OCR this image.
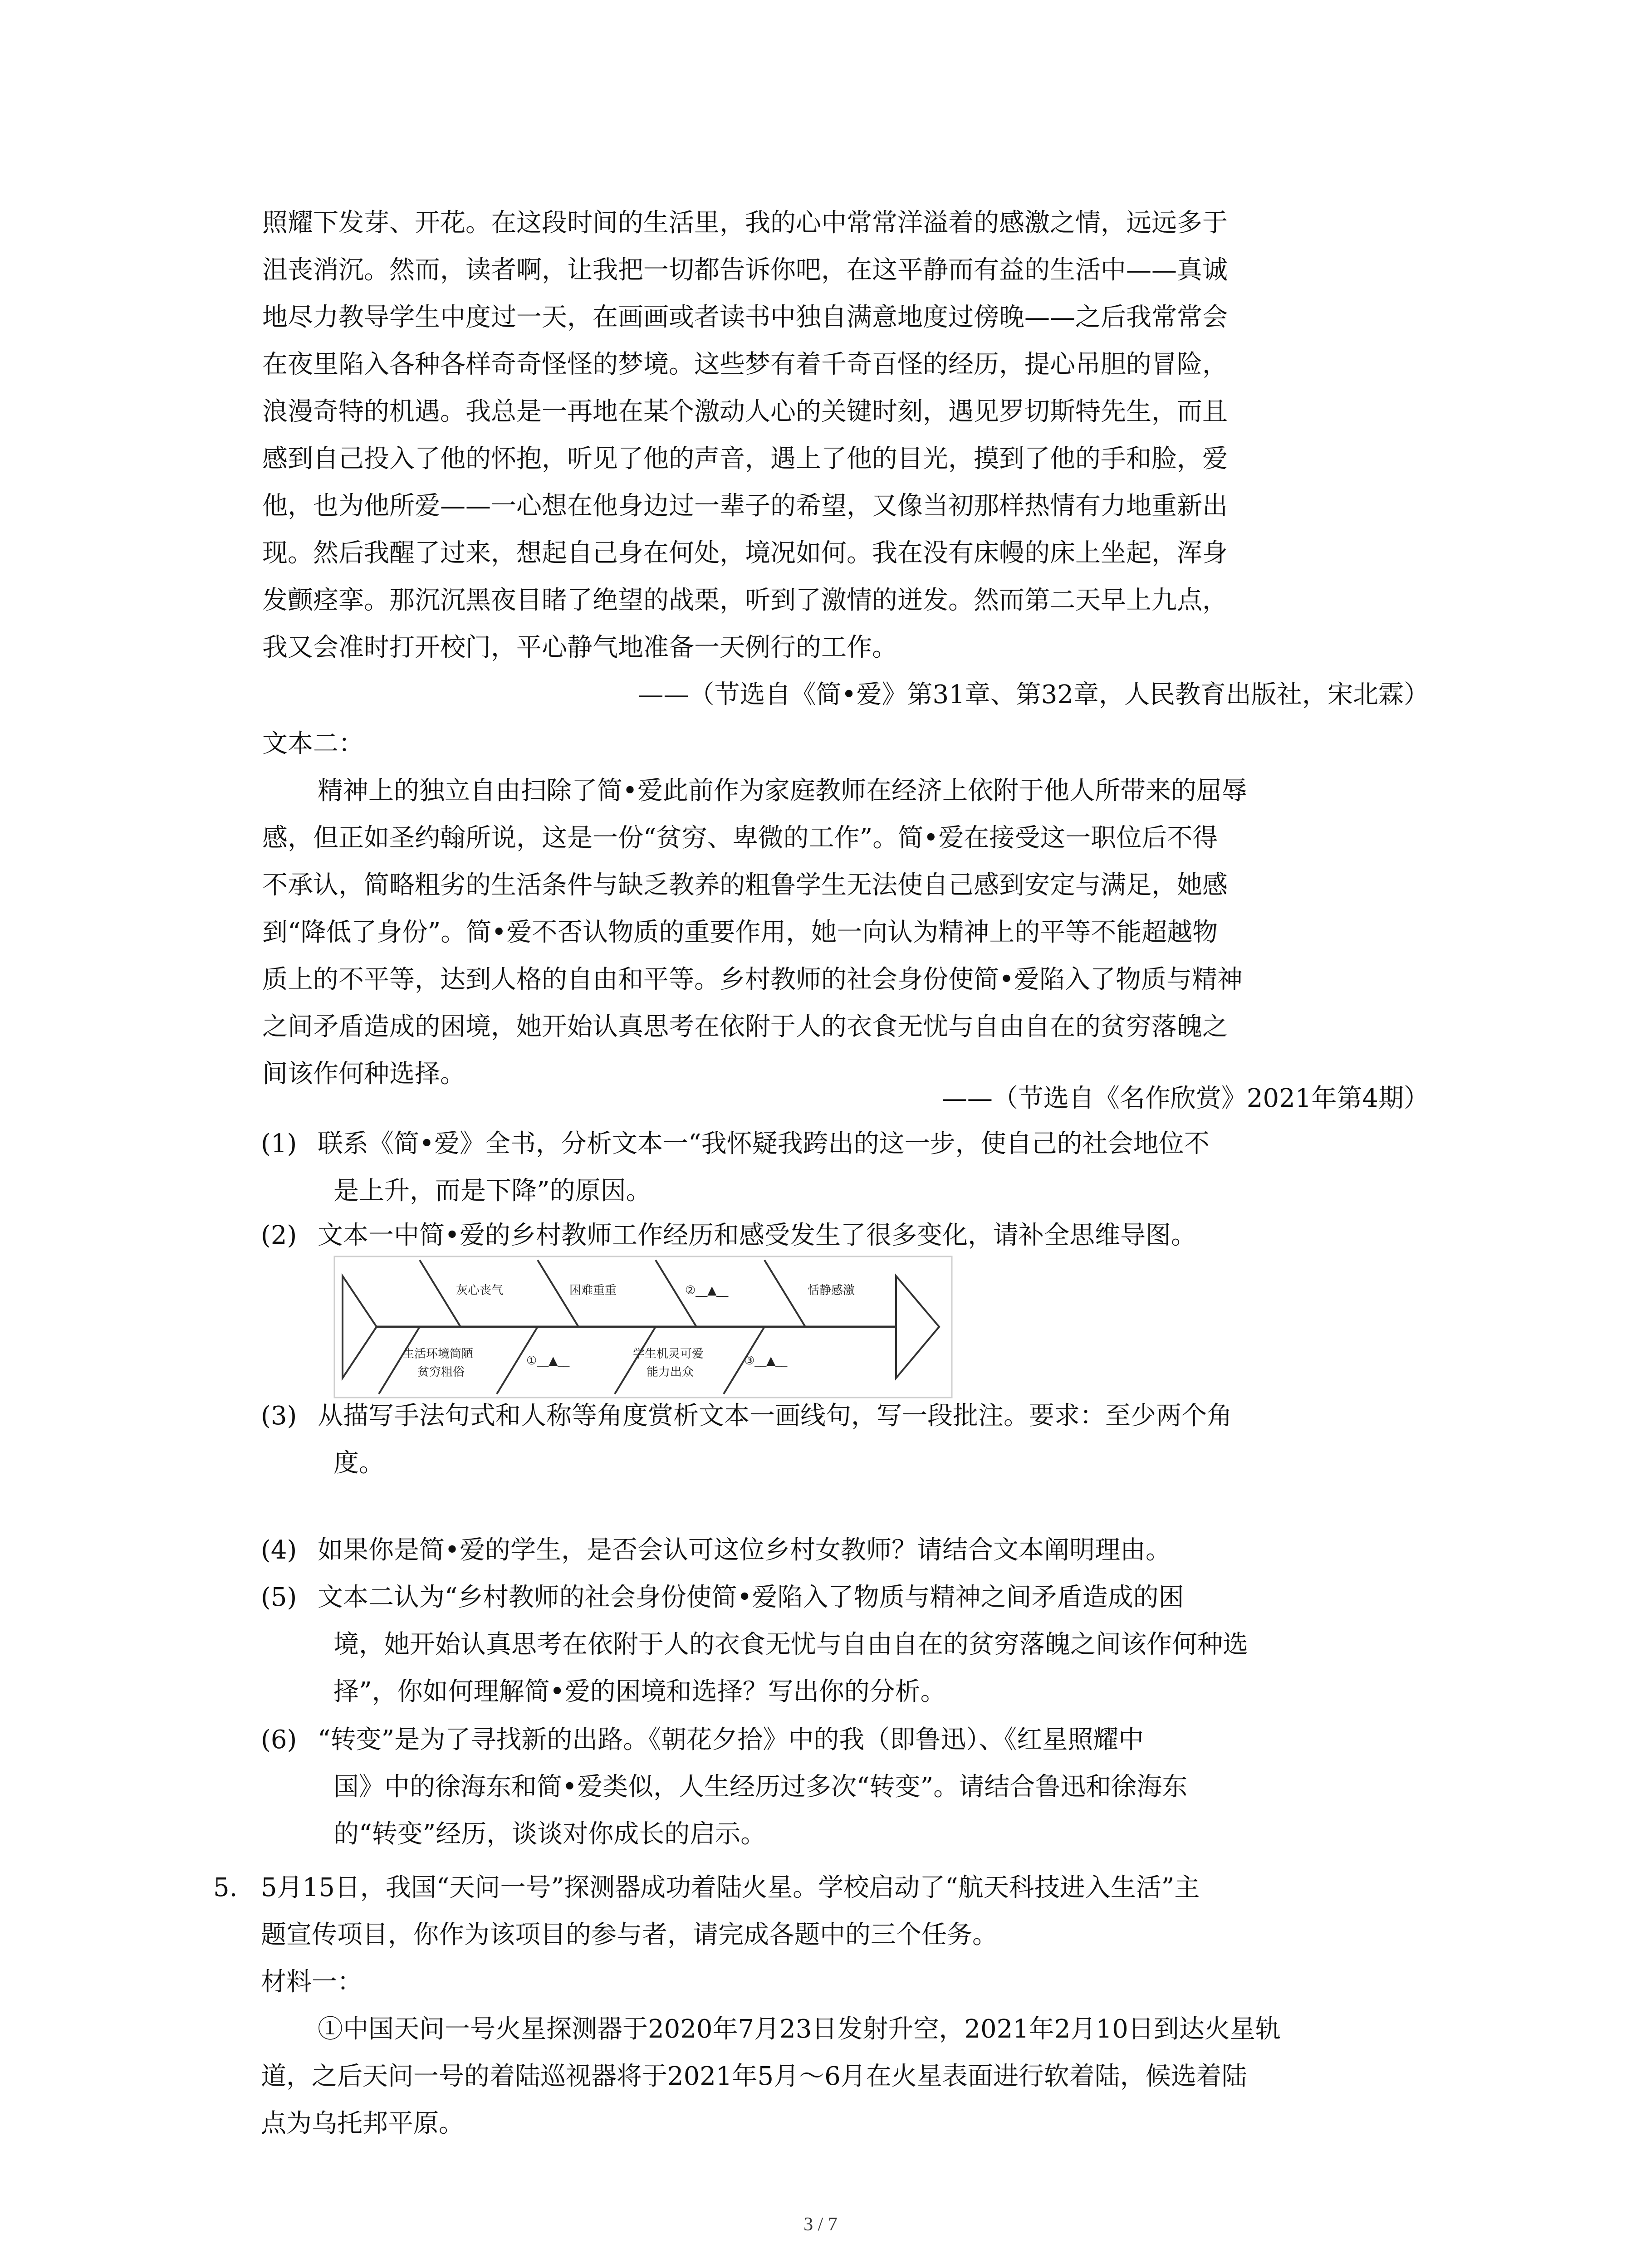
照耀下发芽、开花。在这段时间的生活里，我的心中常常洋溢着的感激之情，远远多于

沮丧消沉。然而，读者啊，让我把一切都告诉你吧，在这平静而有益的生活中——真诚

地尽力教导学生中度过一天，在画画或者读书中独自满意地度过傍晚——之后我常常会

在夜里陷入各种各样奇奇怪怪的梦境。这些梦有着千奇百怪的经历，提心吊胆的冒险，

浪漫奇特的机遇。我总是一再地在某个激动人心的关键时刻，遇见罗切斯特先生，而且

感到自己投入了他的怀抱，听见了他的声音，遇上了他的目光，摸到了他的手和脸，爱

他，也为他所爱——一心想在他身边过一辈子的希望，又像当初那样热情有力地重新出

现。然后我醒了过来，想起自己身在何处，境况如何。我在没有床幔的床上坐起，浑身

发颤痉挛。那沉沉黑夜目睹了绝望的战栗，听到了激情的迸发。然而第二天早上九点，

我又会准时打开校门，平心静气地准备一天例行的工作。

——（节选自《简•爱》第31章、第32章，人民教育出版社，宋北霖）

文本二：

精神上的独立自由扫除了简•爱此前作为家庭教师在经济上依附于他人所带来的屈辱

感，但正如圣约翰所说，这是一份“贫穷、卑微的工作”。简•爱在接受这一职位后不得

不承认，简略粗劣的生活条件与缺乏教养的粗鲁学生无法使自己感到安定与满足，她感

到“降低了身份”。简•爱不否认物质的重要作用，她一向认为精神上的平等不能超越物

质上的不平等，达到人格的自由和平等。乡村教师的社会身份使简•爱陷入了物质与精神

之间矛盾造成的困境，她开始认真思考在依附于人的衣食无忧与自由自在的贫穷落魄之

间该作何种选择。

——（节选自《名作欣赏》2021年第4期）
(1) 联系《简•爱》全书，分析文本一“我怀疑我跨出的这一步，使自己的社会地位不

是上升，而是下降”的原因。

(2) 文本一中简•爱的乡村教师工作经历和感受发生了很多变化，请补全思维导图。

灰心丧气	困难重重	②__▲__	恬静感激
生活环境简陋
贫穷粗俗
①__▲__	学生机灵可爱
能力出众
③__▲__
(3) 从描写手法句式和人称等角度赏析文本一画线句，写一段批注。要求：至少两个角

度。

(4) 如果你是简•爱的学生，是否会认可这位乡村女教师？请结合文本阐明理由。

(5) 文本二认为“乡村教师的社会身份使简•爱陷入了物质与精神之间矛盾造成的困

境，她开始认真思考在依附于人的衣食无忧与自由自在的贫穷落魄之间该作何种选

择”，你如何理解简•爱的困境和选择？写出你的分析。

(6) “转变”是为了寻找新的出路。《朝花夕拾》中的我（即鲁迅）、《红星照耀中

国》中的徐海东和简•爱类似，人生经历过多次“转变”。请结合鲁迅和徐海东

的“转变”经历，谈谈对你成长的启示。

5. 5月15日，我国“天问一号”探测器成功着陆火星。学校启动了“航天科技进入生活”主

题宣传项目，你作为该项目的参与者，请完成各题中的三个任务。

材料一：

①中国天问一号火星探测器于2020年7月23日发射升空，2021年2月10日到达火星轨

道，之后天问一号的着陆巡视器将于2021年5月～6月在火星表面进行软着陆，候选着陆

点为乌托邦平原。

3 / 7
